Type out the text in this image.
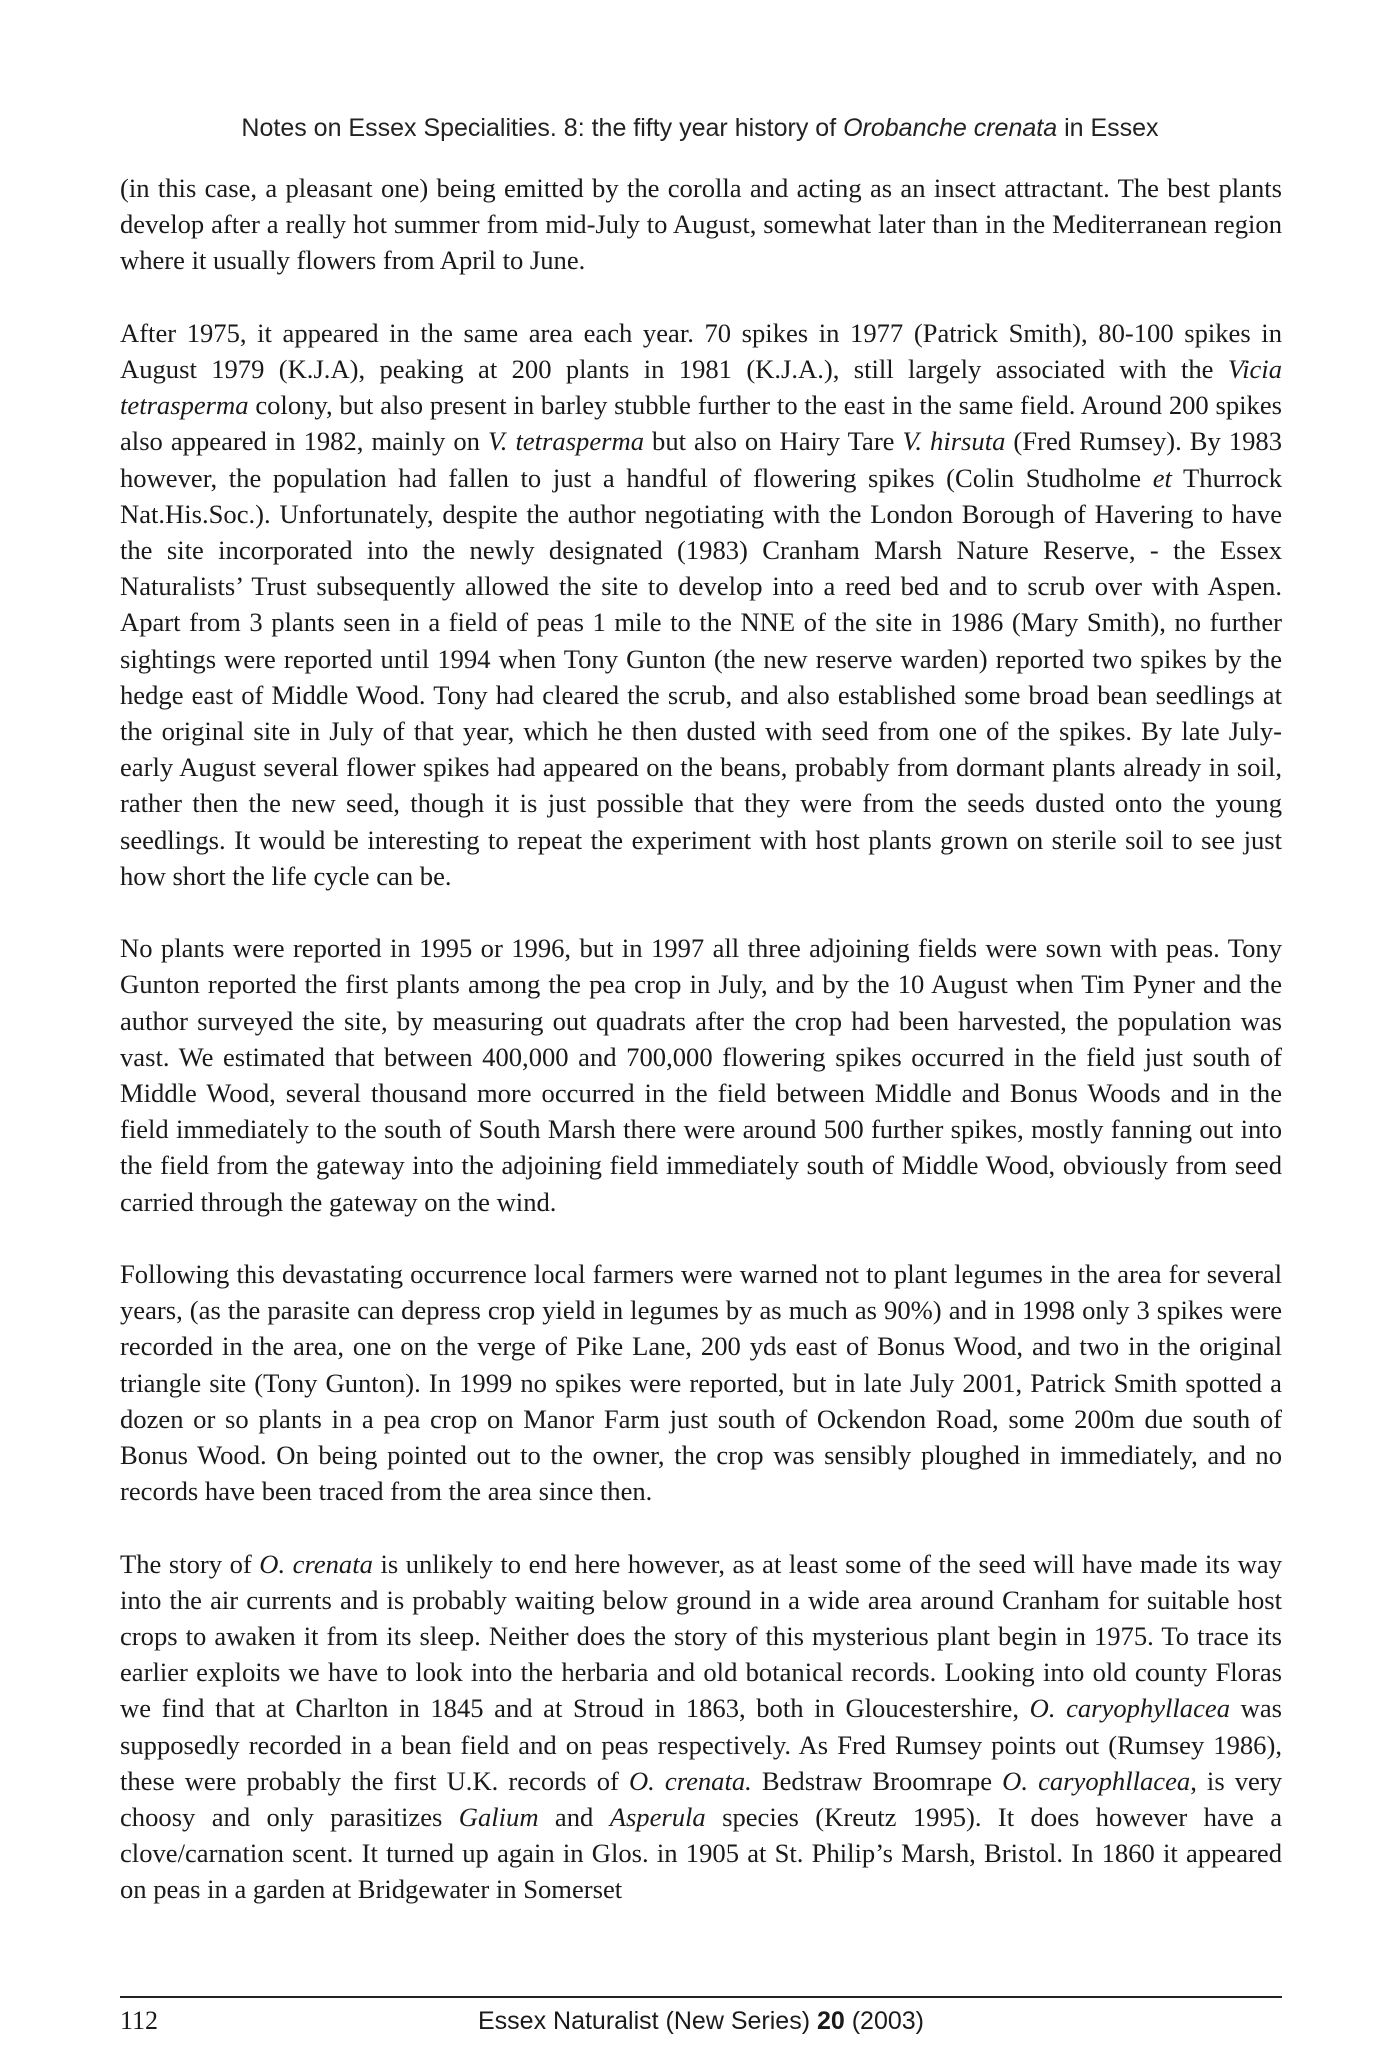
Notes on Essex Specialities. 8: the fifty year history of Orobanche crenata in Essex

(in this case, a pleasant one) being emitted by the corolla and acting as an insect attractant. The best plants develop after a really hot summer from mid-July to August, somewhat later than in the Mediterranean region where it usually flowers from April to June.

After 1975, it appeared in the same area each year. 70 spikes in 1977 (Patrick Smith), 80-100 spikes in August 1979 (K.J.A), peaking at 200 plants in 1981 (K.J.A.), still largely associated with the Vicia tetrasperma colony, but also present in barley stubble further to the east in the same field. Around 200 spikes also appeared in 1982, mainly on V. tetrasperma but also on Hairy Tare V. hirsuta (Fred Rumsey). By 1983 however, the population had fallen to just a handful of flowering spikes (Colin Studholme et Thurrock Nat.His.Soc.). Unfortunately, despite the author negotiating with the London Borough of Havering to have the site incorporated into the newly designated (1983) Cranham Marsh Nature Reserve, - the Essex Naturalists’ Trust subsequently allowed the site to develop into a reed bed and to scrub over with Aspen. Apart from 3 plants seen in a field of peas 1 mile to the NNE of the site in 1986 (Mary Smith), no further sightings were reported until 1994 when Tony Gunton (the new reserve warden) reported two spikes by the hedge east of Middle Wood. Tony had cleared the scrub, and also established some broad bean seedlings at the original site in July of that year, which he then dusted with seed from one of the spikes. By late July-early August several flower spikes had appeared on the beans, probably from dormant plants already in soil, rather then the new seed, though it is just possible that they were from the seeds dusted onto the young seedlings. It would be interesting to repeat the experiment with host plants grown on sterile soil to see just how short the life cycle can be.

No plants were reported in 1995 or 1996, but in 1997 all three adjoining fields were sown with peas. Tony Gunton reported the first plants among the pea crop in July, and by the 10 August when Tim Pyner and the author surveyed the site, by measuring out quadrats after the crop had been harvested, the population was vast. We estimated that between 400,000 and 700,000 flowering spikes occurred in the field just south of Middle Wood, several thousand more occurred in the field between Middle and Bonus Woods and in the field immediately to the south of South Marsh there were around 500 further spikes, mostly fanning out into the field from the gateway into the adjoining field immediately south of Middle Wood, obviously from seed carried through the gateway on the wind.

Following this devastating occurrence local farmers were warned not to plant legumes in the area for several years, (as the parasite can depress crop yield in legumes by as much as 90%) and in 1998 only 3 spikes were recorded in the area, one on the verge of Pike Lane, 200 yds east of Bonus Wood, and two in the original triangle site (Tony Gunton). In 1999 no spikes were reported, but in late July 2001, Patrick Smith spotted a dozen or so plants in a pea crop on Manor Farm just south of Ockendon Road, some 200m due south of Bonus Wood. On being pointed out to the owner, the crop was sensibly ploughed in immediately, and no records have been traced from the area since then.

The story of O. crenata is unlikely to end here however, as at least some of the seed will have made its way into the air currents and is probably waiting below ground in a wide area around Cranham for suitable host crops to awaken it from its sleep. Neither does the story of this mysterious plant begin in 1975. To trace its earlier exploits we have to look into the herbaria and old botanical records. Looking into old county Floras we find that at Charlton in 1845 and at Stroud in 1863, both in Gloucestershire, O. caryophyllacea was supposedly recorded in a bean field and on peas respectively. As Fred Rumsey points out (Rumsey 1986), these were probably the first U.K. records of O. crenata. Bedstraw Broomrape O. caryophllacea, is very choosy and only parasitizes Galium and Asperula species (Kreutz 1995). It does however have a clove/carnation scent. It turned up again in Glos. in 1905 at St. Philip’s Marsh, Bristol. In 1860 it appeared on peas in a garden at Bridgewater in Somerset

112	Essex Naturalist (New Series) 20 (2003)
